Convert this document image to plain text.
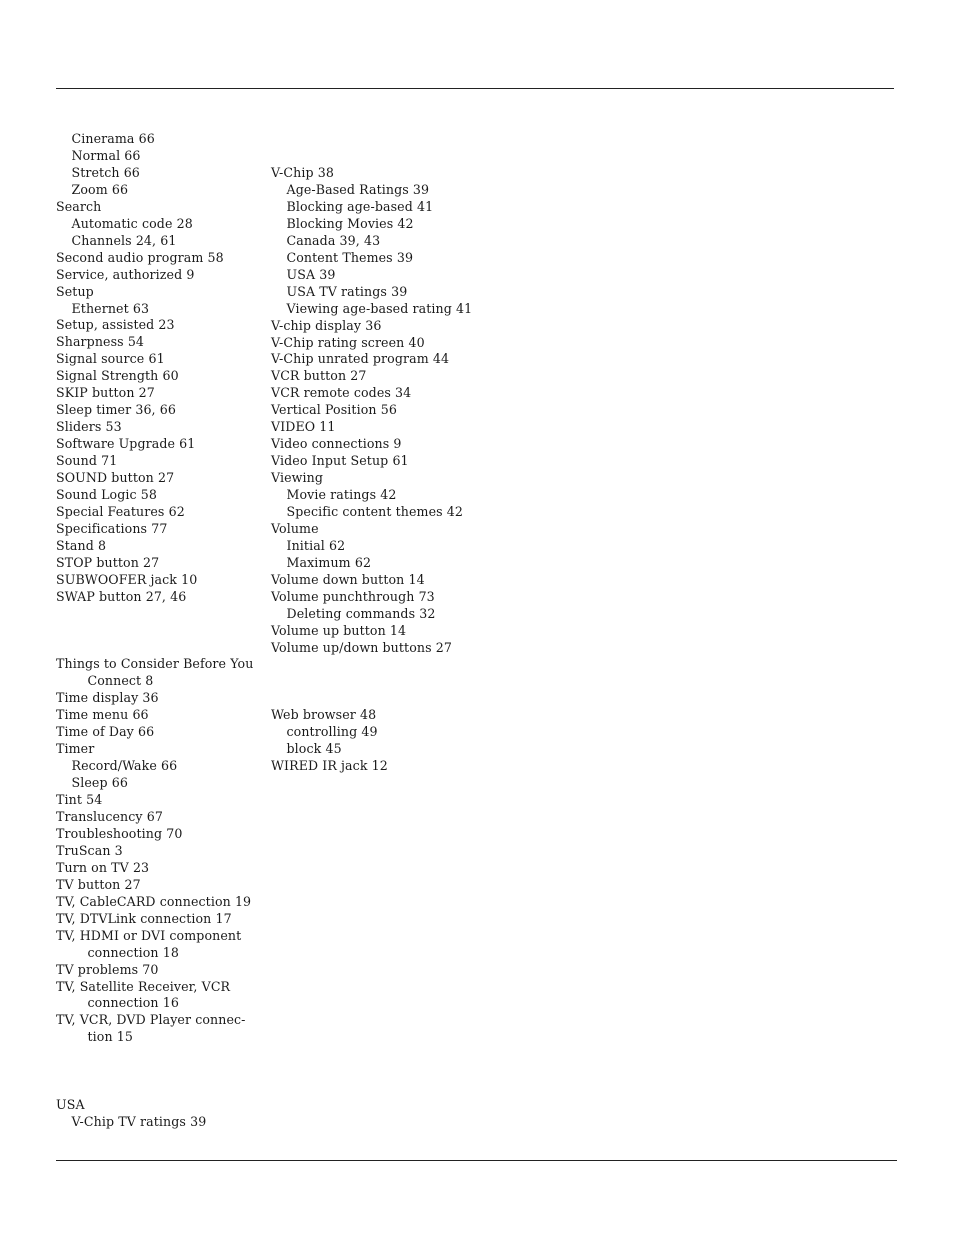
Cinerama 66
Normal 66
Stretch 66
Zoom 66
Search
Automatic code 28
Channels 24, 61
Second audio program 58
Service, authorized 9
Setup
Ethernet 63
Setup, assisted 23
Sharpness 54
Signal source 61
Signal Strength 60
SKIP button 27
Sleep timer 36, 66
Sliders 53
Software Upgrade 61
Sound 71
SOUND button 27
Sound Logic 58
Special Features 62
Specifications 77
Stand 8
STOP button 27
SUBWOOFER jack 10
SWAP button 27, 46
Things to Consider Before You
Connect 8
Time display 36
Time menu 66
Time of Day 66
Timer
Record/Wake 66
Sleep 66
Tint 54
Translucency 67
Troubleshooting 70
TruScan 3
Turn on TV 23
TV button 27
TV, CableCARD connection 19
TV, DTVLink connection 17
TV, HDMI or DVI component
connection 18
TV problems 70
TV, Satellite Receiver, VCR
connection 16
TV, VCR, DVD Player connec-
tion 15
USA
V-Chip TV ratings 39
V-Chip 38
Age-Based Ratings 39
Blocking age-based 41
Blocking Movies 42
Canada 39, 43
Content Themes 39
USA 39
USA TV ratings 39
Viewing age-based rating 41
V-chip display 36
V-Chip rating screen 40
V-Chip unrated program 44
VCR button 27
VCR remote codes 34
Vertical Position 56
VIDEO 11
Video connections 9
Video Input Setup 61
Viewing
Movie ratings 42
Specific content themes 42
Volume
Initial 62
Maximum 62
Volume down button 14
Volume punchthrough 73
Deleting commands 32
Volume up button 14
Volume up/down buttons 27
Web browser 48
controlling 49
block 45
WIRED IR jack 12
